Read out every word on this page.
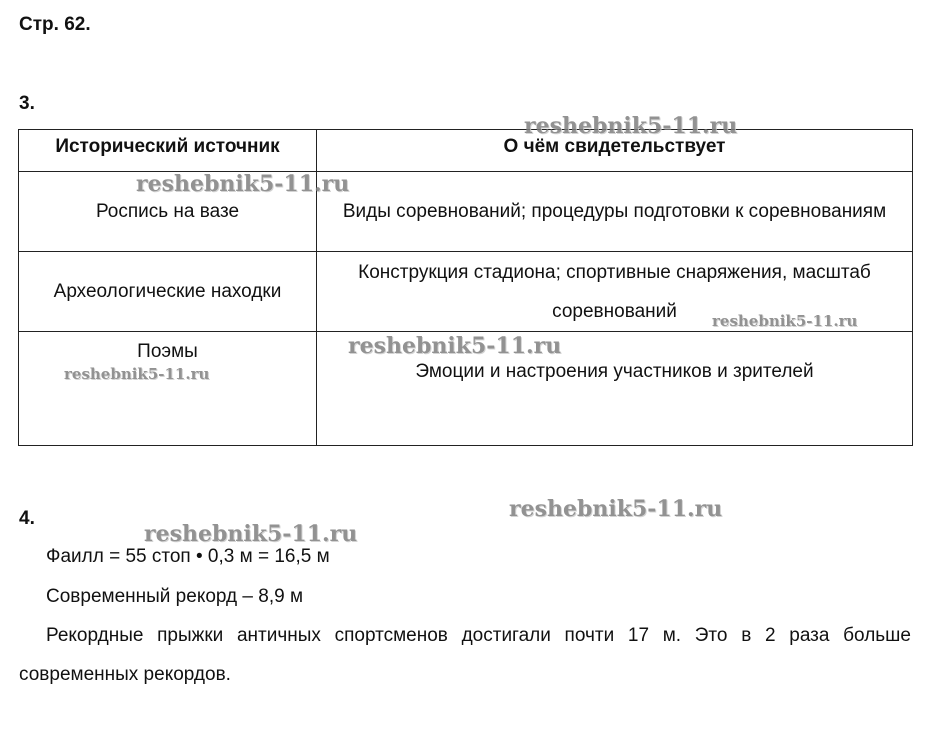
Стр. 62.
3.
Исторический источник	О чём свидетельствует
Роспись на вазе	Виды соревнований; процедуры подготовки к соревнованиям
Археологические находки	Конструкция стадиона; спортивные снаряжения, масштаб соревнований
Поэмы	Эмоции и настроения участников и зрителей
4.
Фаилл = 55 стоп • 0,3 м = 16,5 м
Современный рекорд – 8,9 м
Рекордные прыжки античных спортсменов достигали почти 17 м. Это в 2 раза больше современных рекордов.
reshebnik5-11.ru
reshebnik5-11.ru
reshebnik5-11.ru
reshebnik5-11.ru
reshebnik5-11.ru
reshebnik5-11.ru
reshebnik5-11.ru
